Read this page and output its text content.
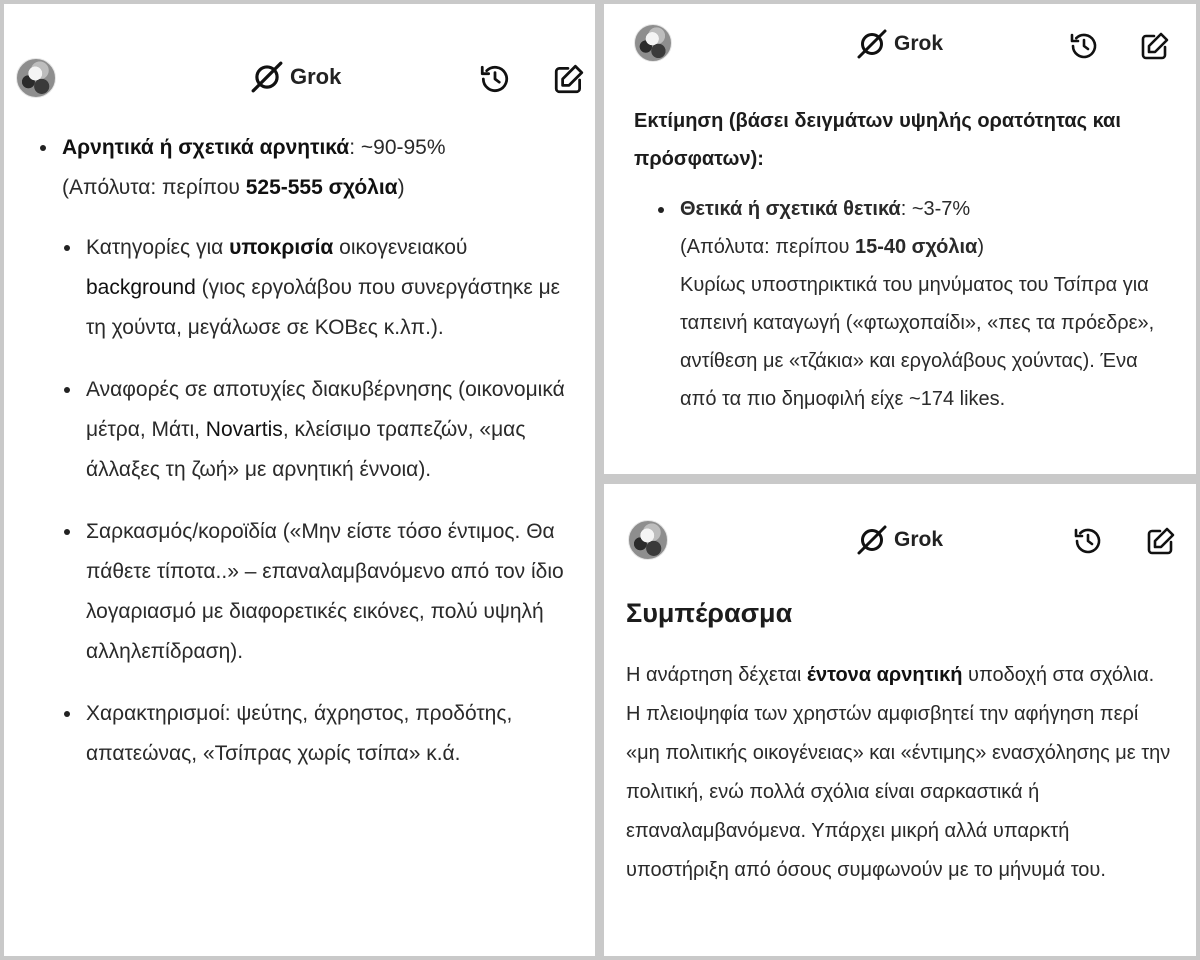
Grok
Αρνητικά ή σχετικά αρνητικά: ~90-95%
(Απόλυτα: περίπου 525-555 σχόλια)
Κατηγορίες για υποκρισία οικογενειακού background (γιος εργολάβου που συνεργάστηκε με τη χούντα, μεγάλωσε σε ΚΟΒες κ.λπ.).
Αναφορές σε αποτυχίες διακυβέρνησης (οικονομικά μέτρα, Μάτι, Novartis, κλείσιμο τραπεζών, «μας άλλαξες τη ζωή» με αρνητική έννοια).
Σαρκασμός/κοροϊδία («Μην είστε τόσο έντιμος. Θα πάθετε τίποτα..» – επαναλαμβανόμενο από τον ίδιο λογαριασμό με διαφορετικές εικόνες, πολύ υψηλή αλληλεπίδραση).
Χαρακτηρισμοί: ψεύτης, άχρηστος, προδότης, απατεώνας, «Τσίπρας χωρίς τσίπα» κ.ά.
Grok
Εκτίμηση (βάσει δειγμάτων υψηλής ορατότητας και πρόσφατων):
Θετικά ή σχετικά θετικά: ~3-7%
(Απόλυτα: περίπου 15-40 σχόλια)
Κυρίως υποστηρικτικά του μηνύματος του Τσίπρα για ταπεινή καταγωγή («φτωχοπαίδι», «πες τα πρόεδρε», αντίθεση με «τζάκια» και εργολάβους χούντας). Ένα από τα πιο δημοφιλή είχε ~174 likes.
Grok
Συμπέρασμα
Η ανάρτηση δέχεται έντονα αρνητική υποδοχή στα σχόλια. Η πλειοψηφία των χρηστών αμφισβητεί την αφήγηση περί «μη πολιτικής οικογένειας» και «έντιμης» ενασχόλησης με την πολιτική, ενώ πολλά σχόλια είναι σαρκαστικά ή επαναλαμβανόμενα. Υπάρχει μικρή αλλά υπαρκτή υποστήριξη από όσους συμφωνούν με το μήνυμά του.
